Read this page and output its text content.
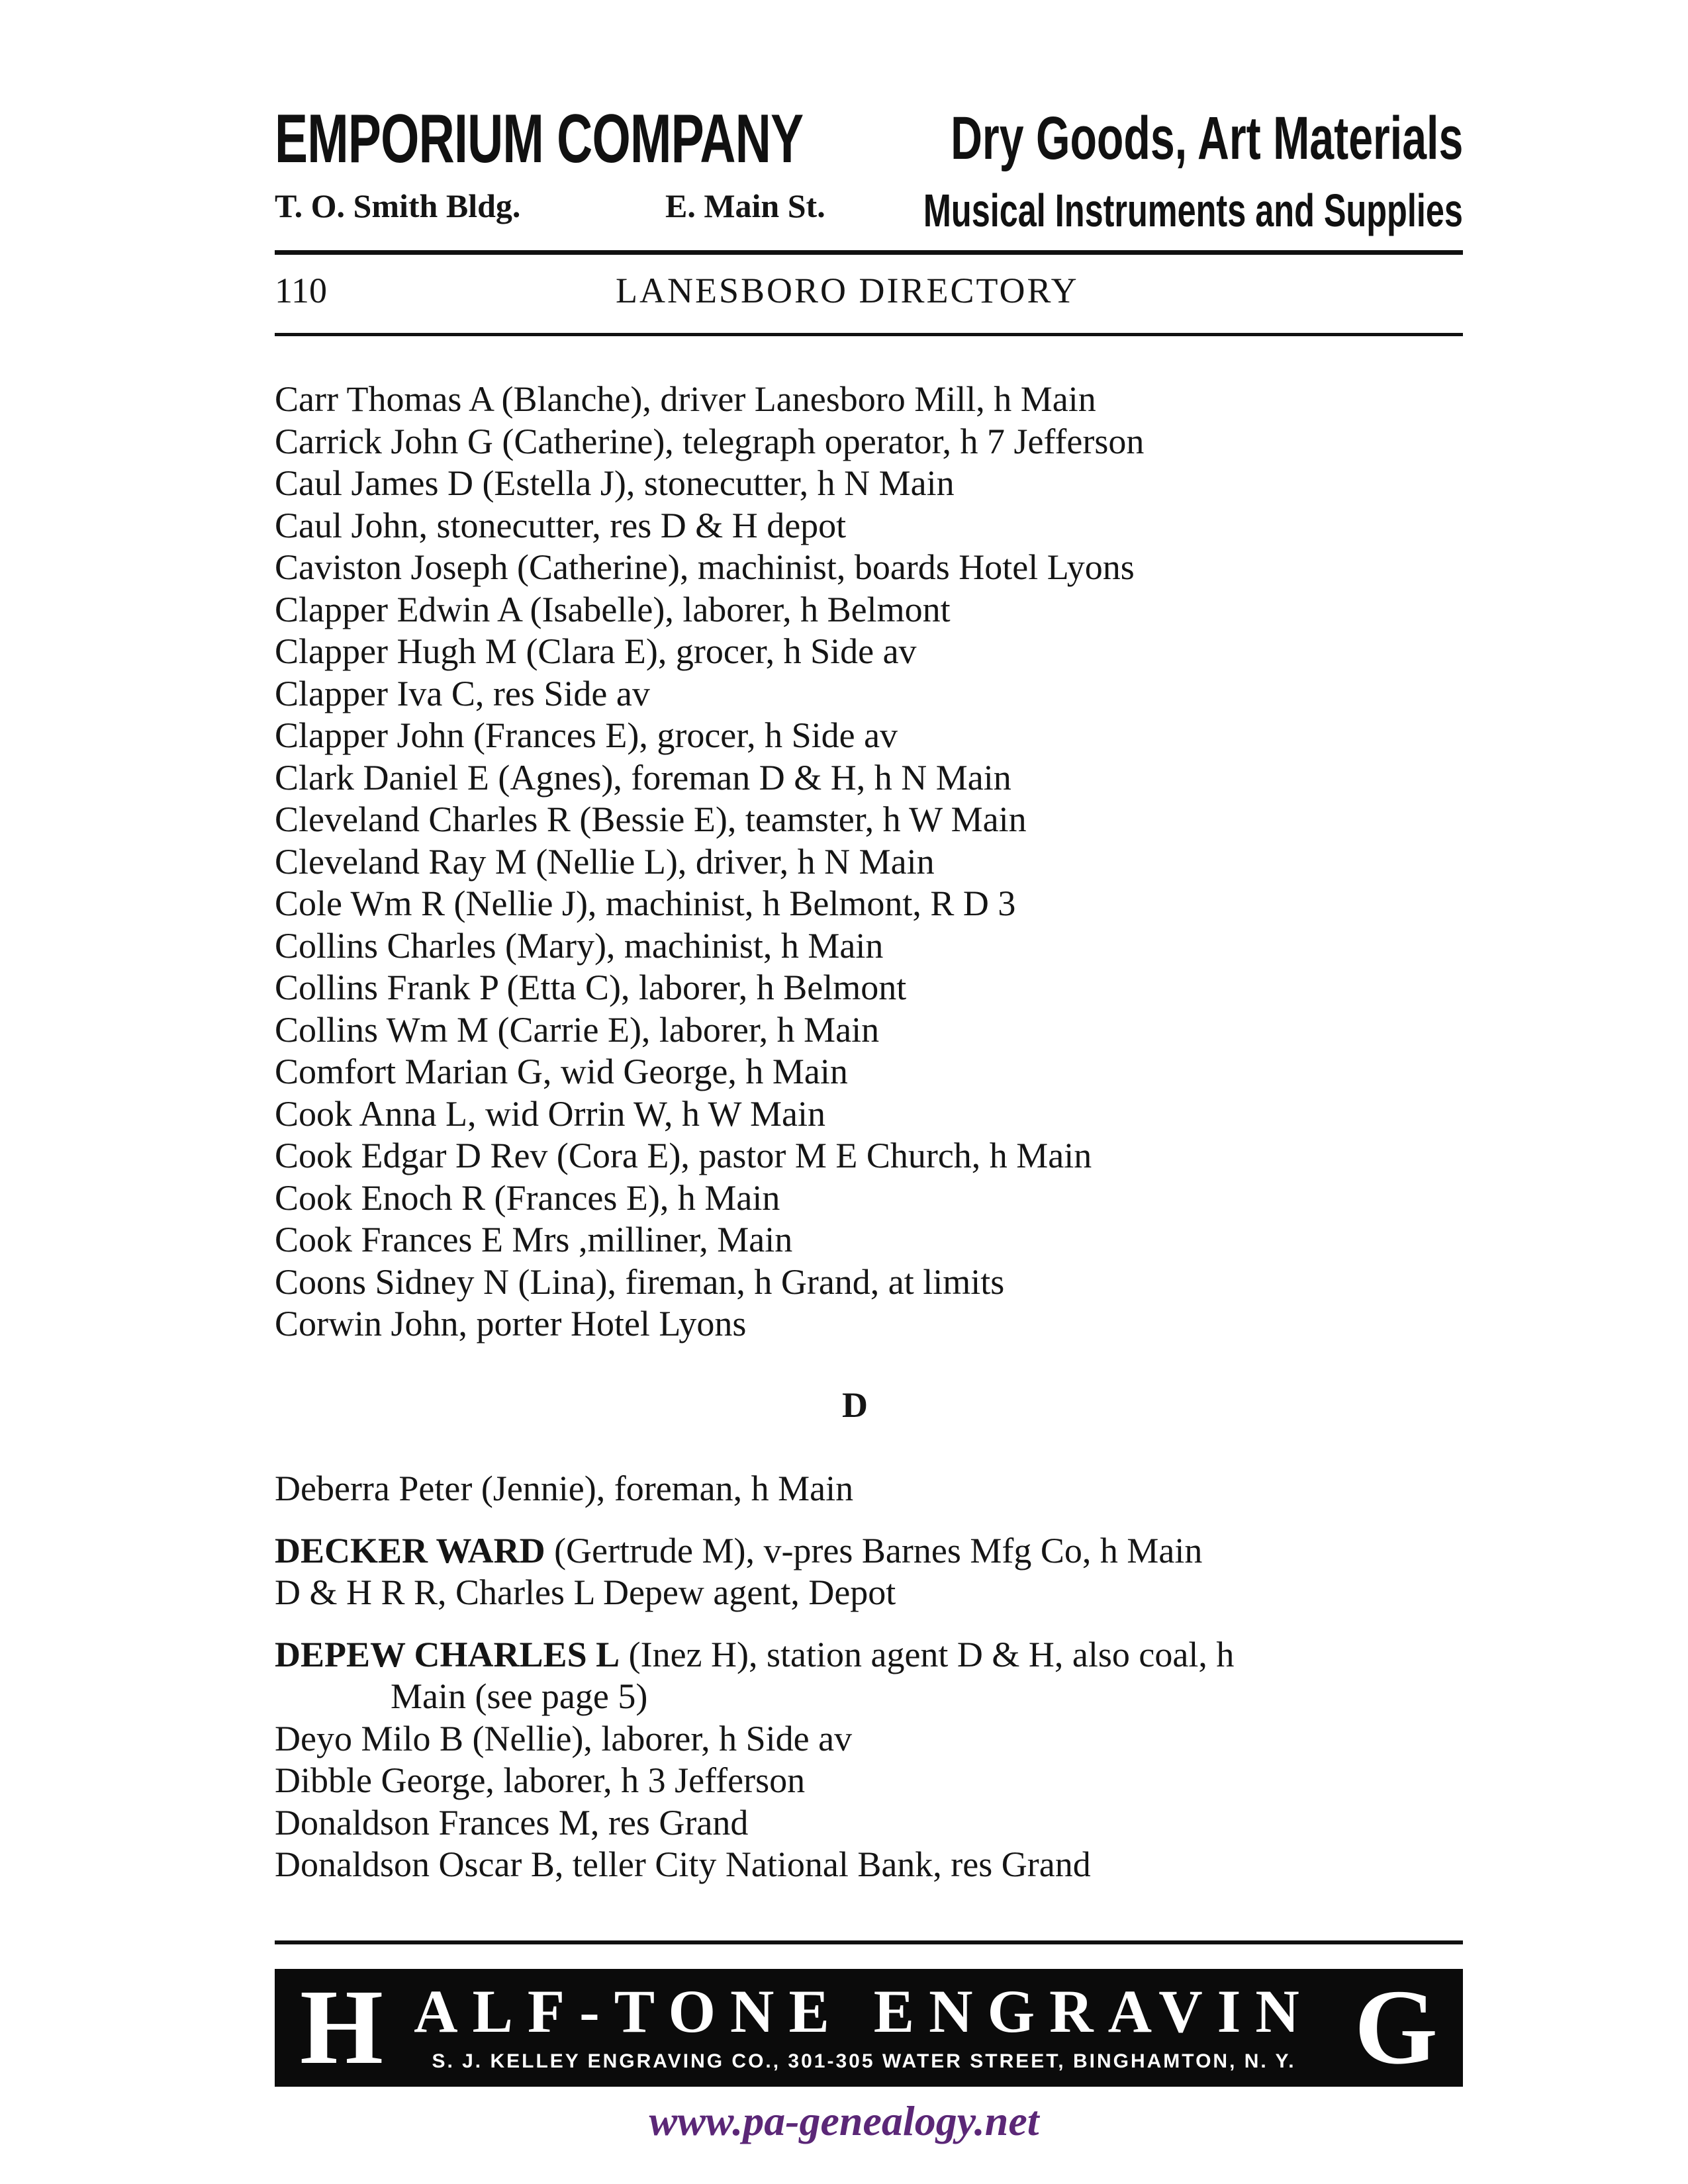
EMPORIUM COMPANY Dry Goods, Art Materials
T. O. Smith Bldg.	E. Main St. Musical Instruments and Supplies
110	LANESBORO DIRECTORY
Carr Thomas A (Blanche), driver Lanesboro Mill, h Main
Carrick John G (Catherine), telegraph operator, h 7 Jefferson
Caul James D (Estella J), stonecutter, h N Main
Caul John, stonecutter, res D & H depot
Caviston Joseph (Catherine), machinist, boards Hotel Lyons
Clapper Edwin A (Isabelle), laborer, h Belmont
Clapper Hugh M (Clara E), grocer, h Side av
Clapper Iva C, res Side av
Clapper John (Frances E), grocer, h Side av
Clark Daniel E (Agnes), foreman D & H, h N Main
Cleveland Charles R (Bessie E), teamster, h W Main
Cleveland Ray M (Nellie L), driver, h N Main
Cole Wm R (Nellie J), machinist, h Belmont, R D 3
Collins Charles (Mary), machinist, h Main
Collins Frank P (Etta C), laborer, h Belmont
Collins Wm M (Carrie E), laborer, h Main
Comfort Marian G, wid George, h Main
Cook Anna L, wid Orrin W, h W Main
Cook Edgar D Rev (Cora E), pastor M E Church, h Main
Cook Enoch R (Frances E), h Main
Cook Frances E Mrs ,milliner, Main
Coons Sidney N (Lina), fireman, h Grand, at limits
Corwin John, porter Hotel Lyons
D
Deberra Peter (Jennie), foreman, h Main
DECKER WARD (Gertrude M), v-pres Barnes Mfg Co, h Main
D & H R R, Charles L Depew agent, Depot
DEPEW CHARLES L (Inez H), station agent D & H, also coal, h
Main (see page 5)
Deyo Milo B (Nellie), laborer, h Side av
Dibble George, laborer, h 3 Jefferson
Donaldson Frances M, res Grand
Donaldson Oscar B, teller City National Bank, res Grand
H ALF-TONE ENGRAVIN G
S. J. KELLEY ENGRAVING CO., 301-305 WATER STREET, BINGHAMTON, N. Y.
www.pa-genealogy.net
